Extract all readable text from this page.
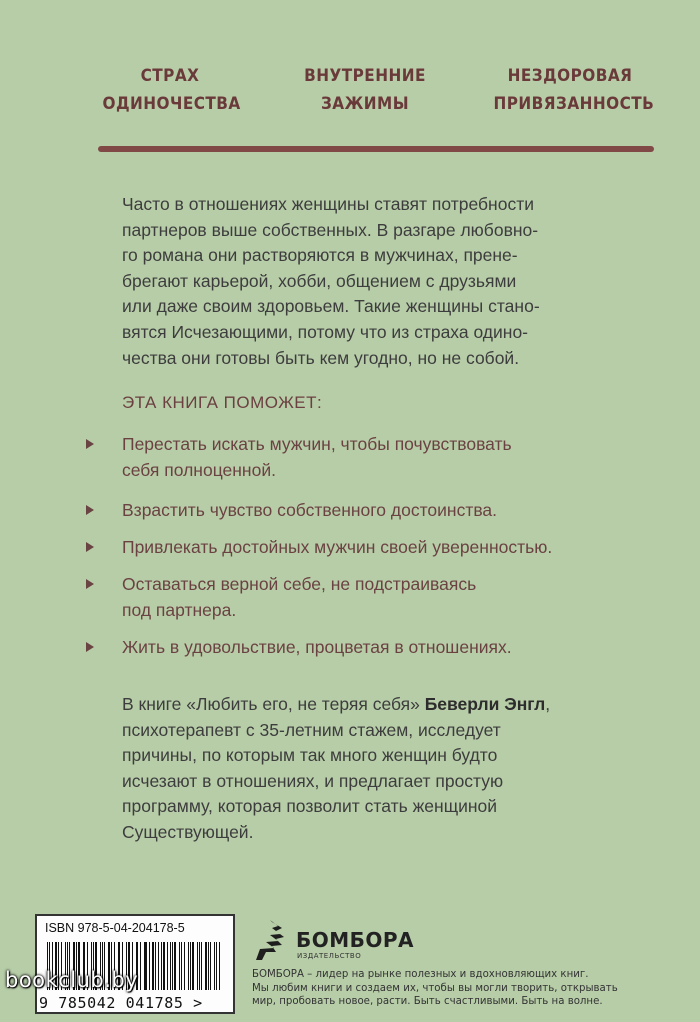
СТРАХ
ОДИНОЧЕСТВА
ВНУТРЕННИЕ
ЗАЖИМЫ
НЕЗДОРОВАЯ
ПРИВЯЗАННОСТЬ
Часто в отношениях женщины ставят потребности
партнеров выше собственных. В разгаре любовно-
го романа они растворяются в мужчинах, прене-
брегают карьерой, хобби, общением с друзьями
или даже своим здоровьем. Такие женщины стано-
вятся Исчезающими, потому что из страха одино-
чества они готовы быть кем угодно, но не собой.
ЭТА КНИГА ПОМОЖЕТ:
Перестать искать мужчин, чтобы почувствовать
себя полноценной.
Взрастить чувство собственного достоинства.
Привлекать достойных мужчин своей уверенностью.
Оставаться верной себе, не подстраиваясь
под партнера.
Жить в удовольствие, процветая в отношениях.
В книге «Любить его, не теряя себя» Беверли Энгл,
психотерапевт с 35-летним стажем, исследует
причины, по которым так много женщин будто
исчезают в отношениях, и предлагает простую
программу, которая позволит стать женщиной
Существующей.
ISBN 978-5-04-204178-5
9 785042 041785 >
bookclub.by
БОМБОРА
ИЗДАТЕЛЬСТВО
БОМБОРА – лидер на рынке полезных и вдохновляющих книг.
Мы любим книги и создаем их, чтобы вы могли творить, открывать
мир, пробовать новое, расти. Быть счастливыми. Быть на волне.
